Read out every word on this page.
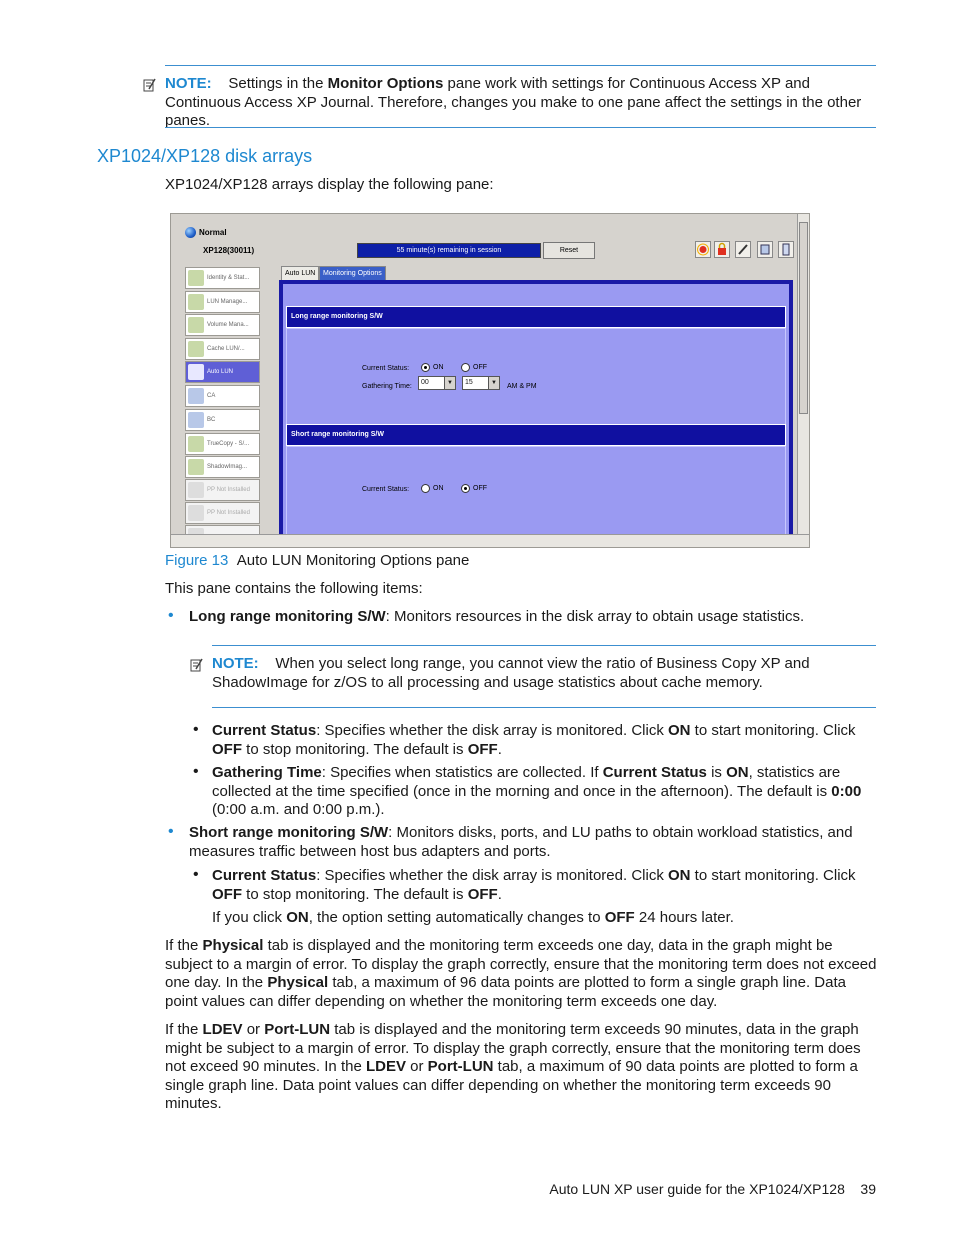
NOTE: Settings in the Monitor Options pane work with settings for Continuous Access XP and Continuous Access XP Journal. Therefore, changes you make to one pane affect the settings in the other panes.

XP1024/XP128 disk arrays

XP1024/XP128 arrays display the following pane:

Normal
XP128(30011)	55 minute(s) remaining in session	Reset
Identity & Stat...
LUN Manage...
Volume Mana...
Cache LUN/...
Auto LUN
CA
BC
TrueCopy - S/...
ShadowImag...
PP Not Installed
PP Not Installed
Auto LUN	Monitoring Options
Long range monitoring S/W
Current Status:	ON	OFF
Gathering Time:
00	▼	15	▼ AM & PM
Short range monitoring S/W
Current Status:	ON	OFF

Figure 13 Auto LUN Monitoring Options pane

This pane contains the following items:

• Long range monitoring S/W: Monitors resources in the disk array to obtain usage statistics.

NOTE: When you select long range, you cannot view the ratio of Business Copy XP and ShadowImage for z/OS to all processing and usage statistics about cache memory.

• Current Status: Specifies whether the disk array is monitored. Click ON to start monitoring. Click OFF to stop monitoring. The default is OFF.

• Gathering Time: Specifies when statistics are collected. If Current Status is ON, statistics are collected at the time specified (once in the morning and once in the afternoon). The default is 0:00 (0:00 a.m. and 0:00 p.m.).

• Short range monitoring S/W: Monitors disks, ports, and LU paths to obtain workload statistics, and measures traffic between host bus adapters and ports.

• Current Status: Specifies whether the disk array is monitored. Click ON to start monitoring. Click OFF to stop monitoring. The default is OFF.

If you click ON, the option setting automatically changes to OFF 24 hours later.

If the Physical tab is displayed and the monitoring term exceeds one day, data in the graph might be subject to a margin of error. To display the graph correctly, ensure that the monitoring term does not exceed one day. In the Physical tab, a maximum of 96 data points are plotted to form a single graph line. Data point values can differ depending on whether the monitoring term exceeds one day.

If the LDEV or Port-LUN tab is displayed and the monitoring term exceeds 90 minutes, data in the graph might be subject to a margin of error. To display the graph correctly, ensure that the monitoring term does not exceed 90 minutes. In the LDEV or Port-LUN tab, a maximum of 90 data points are plotted to form a single graph line. Data point values can differ depending on whether the monitoring term exceeds 90 minutes.

Auto LUN XP user guide for the XP1024/XP128 39
